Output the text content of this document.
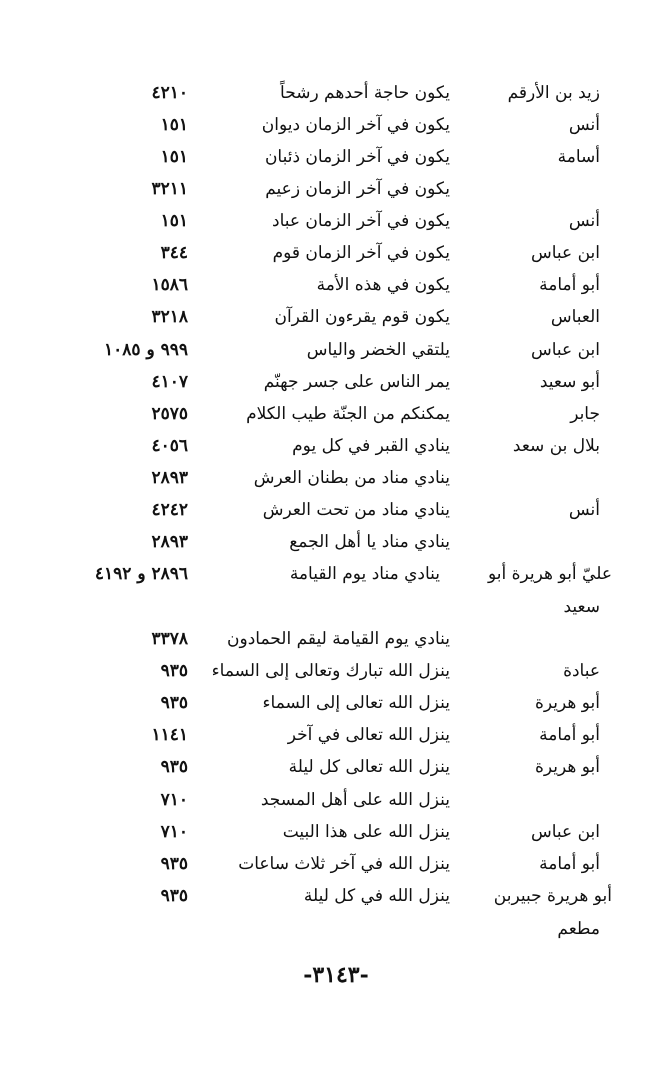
زيد بن الأرقم
يكون حاجة أحدهم رشحاً
٤٢١٠
أنس
يكون في آخر الزمان ديوان
١٥١
أسامة
يكون في آخر الزمان ذئبان
١٥١
يكون في آخر الزمان زعيم
٣٢١١
أنس
يكون في آخر الزمان عباد
١٥١
ابن عباس
يكون في آخر الزمان قوم
٣٤٤
أبو أمامة
يكون في هذه الأمة
١٥٨٦
العباس
يكون قوم يقرءون القرآن
٣٢١٨
ابن عباس
يلتقي الخضر والياس
٩٩٩ و ١٠٨٥
أبو سعيد
يمر الناس على جسر جهنّم
٤١٠٧
جابر
يمكنكم من الجنّة طيب الكلام
٢٥٧٥
بلال بن سعد
ينادي القبر في كل يوم
٤٠٥٦
ينادي مناد من بطنان العرش
٢٨٩٣
أنس
ينادي مناد من تحت العرش
٤٢٤٢
ينادي مناد يا أهل الجمع
٢٨٩٣
عليّ أبو هريرة أبو
ينادي مناد يوم القيامة
٢٨٩٦ و ٤١٩٢
سعيد
ينادي يوم القيامة ليقم الحمادون
٣٣٧٨
عبادة
ينزل الله تبارك وتعالى إلى السماء
٩٣٥
أبو هريرة
ينزل الله تعالى إلى السماء
٩٣٥
أبو أمامة
ينزل الله تعالى في آخر
١١٤١
أبو هريرة
ينزل الله تعالى كل ليلة
٩٣٥
ينزل الله على أهل المسجد
٧١٠
ابن عباس
ينزل الله على هذا البيت
٧١٠
أبو أمامة
ينزل الله في آخر ثلاث ساعات
٩٣٥
أبو هريرة جبيربن
ينزل الله في كل ليلة
٩٣٥
مطعم
-٣١٤٣-
